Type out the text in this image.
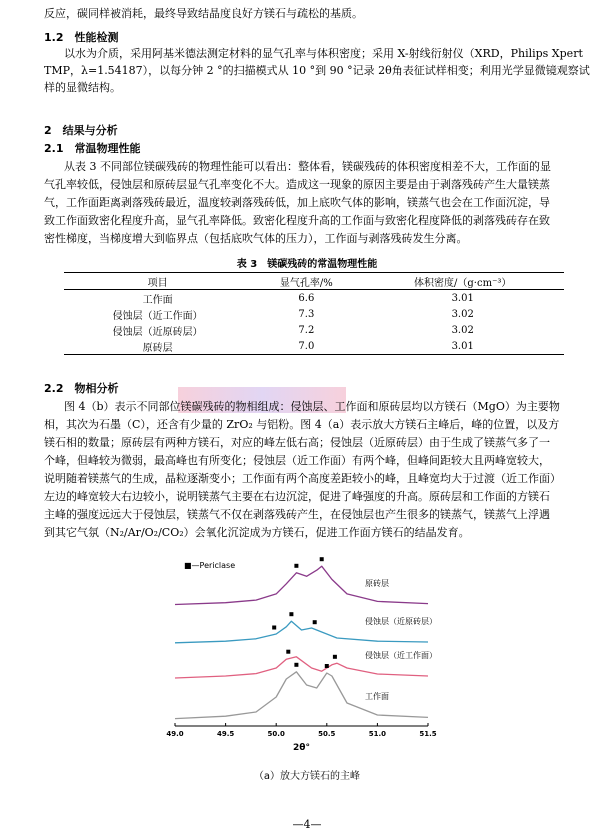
反应，碳同样被消耗，最终导致结晶度良好方镁石与疏松的基质。
1.2　性能检测
以水为介质，采用阿基米德法测定材料的显气孔率与体积密度；采用 X-射线衍射仪（XRD，Philips Xpert
TMP，λ=1.54187），以每分钟 2 °的扫描模式从 10 °到 90 °记录 2θ角表征试样相变；利用光学显微镜观察试
样的显微结构。
2　结果与分析
2.1　常温物理性能
从表 3 不同部位镁碳残砖的物理性能可以看出：整体看，镁碳残砖的体积密度相差不大，工作面的显
气孔率较低，侵蚀层和原砖层显气孔率变化不大。造成这一现象的原因主要是由于剥落残砖产生大量镁蒸
气，工作面距离剥落残砖最近，温度较剥落残砖低，加上底吹气体的影响，镁蒸气也会在工作面沉淀，导
致工作面致密化程度升高，显气孔率降低。致密化程度升高的工作面与致密化程度降低的剥落残砖存在致
密性梯度，当梯度增大到临界点（包括底吹气体的压力），工作面与剥落残砖发生分离。
表 3　镁碳残砖的常温物理性能
项目	显气孔率/%	体积密度/（g·cm⁻³）
工作面	6.6	3.01
侵蚀层（近工作面）	7.3	3.02
侵蚀层（近原砖层）	7.2	3.02
原砖层	7.0	3.01
2.2　物相分析
图 4（b）表示不同部位镁碳残砖的物相组成：侵蚀层、工作面和原砖层均以方镁石（MgO）为主要物
相，其次为石墨（C），还含有少量的 ZrO₂ 与铝粉。图 4（a）表示放大方镁石主峰后，峰的位置，以及方
镁石相的数量；原砖层有两种方镁石，对应的峰左低右高；侵蚀层（近原砖层）由于生成了镁蒸气多了一
个峰，但峰较为微弱，最高峰也有所变化；侵蚀层（近工作面）有两个峰，但峰间距较大且两峰宽较大，
说明随着镁蒸气的生成，晶粒逐渐变小；工作面有两个高度差距较小的峰，且峰宽均大于过渡（近工作面）
左边的峰宽较大右边较小，说明镁蒸气主要在右边沉淀，促进了峰强度的升高。原砖层和工作面的方镁石
主峰的强度远远大于侵蚀层，镁蒸气不仅在剥落残砖产生，在侵蚀层也产生很多的镁蒸气，镁蒸气上浮遇
到其它气氛（N₂/Ar/O₂/CO₂）会氧化沉淀成为方镁石，促进工作面方镁石的结晶发育。
■—Periclase
原砖层
侵蚀层（近原砖层）
侵蚀层（近工作面）
工作面
49.0	49.5	50.0	50.5	51.0	51.5
2θ°
（a）放大方镁石的主峰
—4—
